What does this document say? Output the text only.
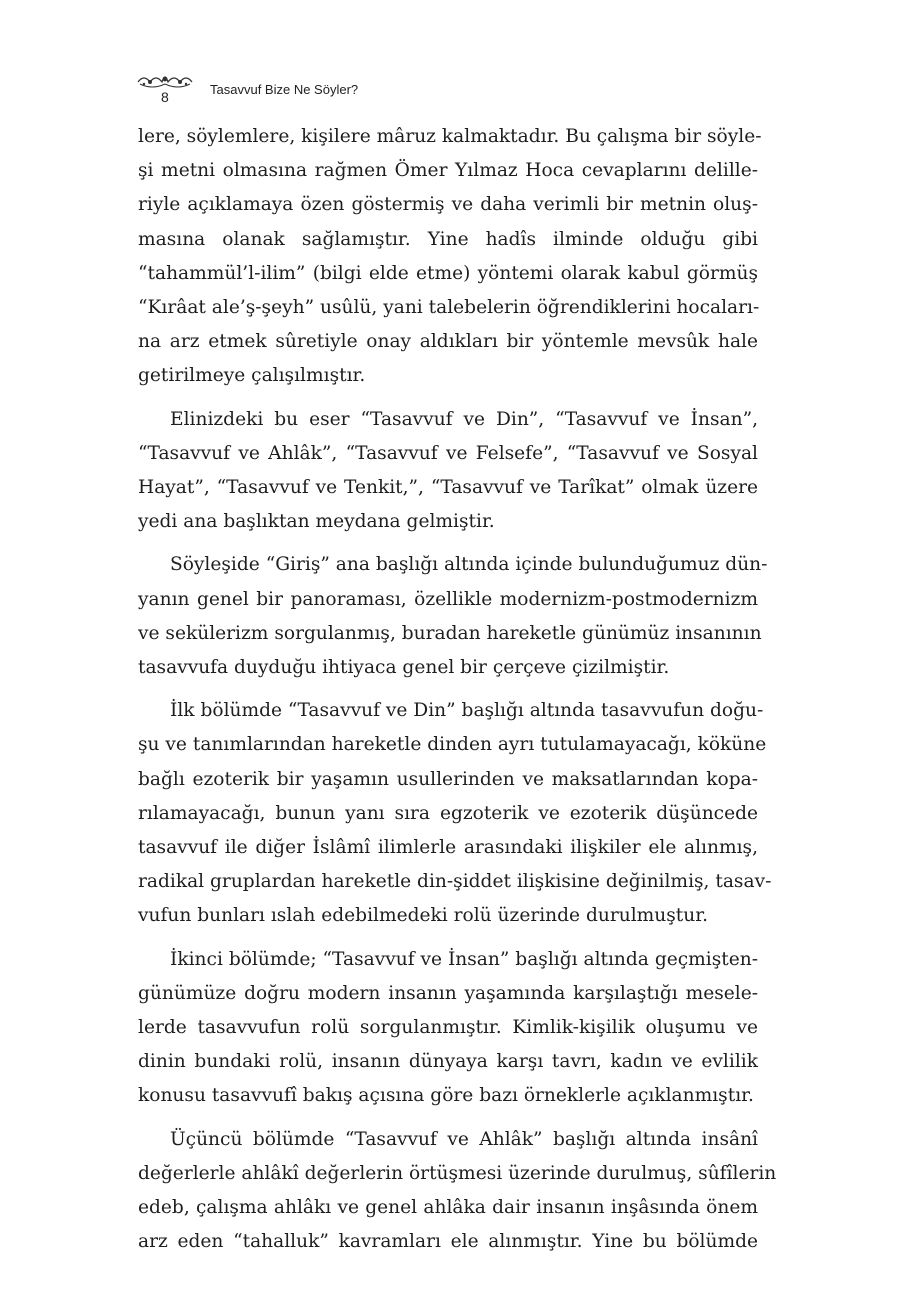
8	Tasavvuf Bize Ne Söyler?

lere, söylemlere, kişilere mâruz kalmaktadır. Bu çalışma bir söyle-
şi metni olmasına rağmen Ömer Yılmaz Hoca cevaplarını delille-
riyle açıklamaya özen göstermiş ve daha verimli bir metnin oluş-
masına olanak sağlamıştır. Yine hadîs ilminde olduğu gibi
“tahammül’l-ilim” (bilgi elde etme) yöntemi olarak kabul görmüş
“Kırâat ale’ş-şeyh” usûlü, yani talebelerin öğrendiklerini hocaları-
na arz etmek sûretiyle onay aldıkları bir yöntemle mevsûk hale
getirilmeye çalışılmıştır.

Elinizdeki bu eser “Tasavvuf ve Din”, “Tasavvuf ve İnsan”,
“Tasavvuf ve Ahlâk”, “Tasavvuf ve Felsefe”, “Tasavvuf ve Sosyal
Hayat”, “Tasavvuf ve Tenkit,”, “Tasavvuf ve Tarîkat” olmak üzere
yedi ana başlıktan meydana gelmiştir.

Söyleşide “Giriş” ana başlığı altında içinde bulunduğumuz dün-
yanın genel bir panoraması, özellikle modernizm-postmodernizm
ve sekülerizm sorgulanmış, buradan hareketle günümüz insanının
tasavvufa duyduğu ihtiyaca genel bir çerçeve çizilmiştir.

İlk bölümde “Tasavvuf ve Din” başlığı altında tasavvufun doğu-
şu ve tanımlarından hareketle dinden ayrı tutulamayacağı, kökünе
bağlı ezoterik bir yaşamın usullerinden ve maksatlarından kopa-
rılamayacağı, bunun yanı sıra egzoterik ve ezoterik düşüncede
tasavvuf ile diğer İslâmî ilimlerle arasındaki ilişkiler ele alınmış,
radikal gruplardan hareketle din-şiddet ilişkisine değinilmiş, tasav-
vufun bunları ıslah edebilmedeki rolü üzerinde durulmuştur.

İkinci bölümde; “Tasavvuf ve İnsan” başlığı altında geçmişten-
günümüze doğru modern insanın yaşamında karşılaştığı mesele-
lerde tasavvufun rolü sorgulanmıştır. Kimlik-kişilik oluşumu ve
dinin bundaki rolü, insanın dünyaya karşı tavrı, kadın ve evlilik
konusu tasavvufî bakış açısına göre bazı örneklerle açıklanmıştır.

Üçüncü bölümde “Tasavvuf ve Ahlâk” başlığı altında insânî
değerlerle ahlâkî değerlerin örtüşmesi üzerinde durulmuş, sûfîlerin
edeb, çalışma ahlâkı ve genel ahlâka dair insanın inşâsında önem
arz eden “tahalluk” kavramları ele alınmıştır. Yine bu bölümde
